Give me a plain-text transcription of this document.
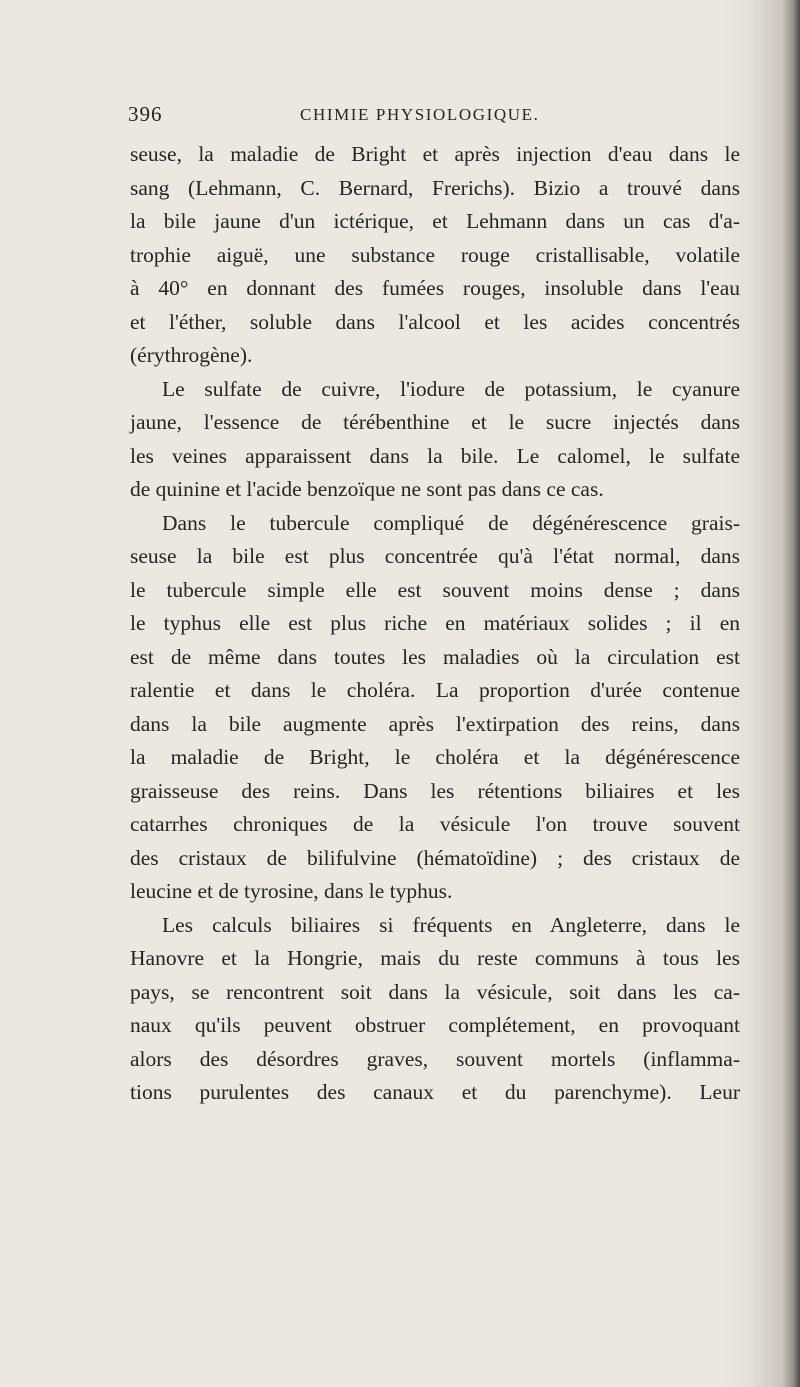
396	CHIMIE PHYSIOLOGIQUE.
seuse, la maladie de Bright et après injection d'eau dans le
sang (Lehmann, C. Bernard, Frerichs). Bizio a trouvé dans
la bile jaune d'un ictérique, et Lehmann dans un cas d'a-
trophie aiguë, une substance rouge cristallisable, volatile
à 40° en donnant des fumées rouges, insoluble dans l'eau
et l'éther, soluble dans l'alcool et les acides concentrés
(érythrogène).
Le sulfate de cuivre, l'iodure de potassium, le cyanure
jaune, l'essence de térébenthine et le sucre injectés dans
les veines apparaissent dans la bile. Le calomel, le sulfate
de quinine et l'acide benzoïque ne sont pas dans ce cas.
Dans le tubercule compliqué de dégénérescence grais-
seuse la bile est plus concentrée qu'à l'état normal, dans
le tubercule simple elle est souvent moins dense ; dans
le typhus elle est plus riche en matériaux solides ; il en
est de même dans toutes les maladies où la circulation est
ralentie et dans le choléra. La proportion d'urée contenue
dans la bile augmente après l'extirpation des reins, dans
la maladie de Bright, le choléra et la dégénérescence
graisseuse des reins. Dans les rétentions biliaires et les
catarrhes chroniques de la vésicule l'on trouve souvent
des cristaux de bilifulvine (hématoïdine) ; des cristaux de
leucine et de tyrosine, dans le typhus.
Les calculs biliaires si fréquents en Angleterre, dans le
Hanovre et la Hongrie, mais du reste communs à tous les
pays, se rencontrent soit dans la vésicule, soit dans les ca-
naux qu'ils peuvent obstruer complétement, en provoquant
alors des désordres graves, souvent mortels (inflamma-
tions purulentes des canaux et du parenchyme). Leur
